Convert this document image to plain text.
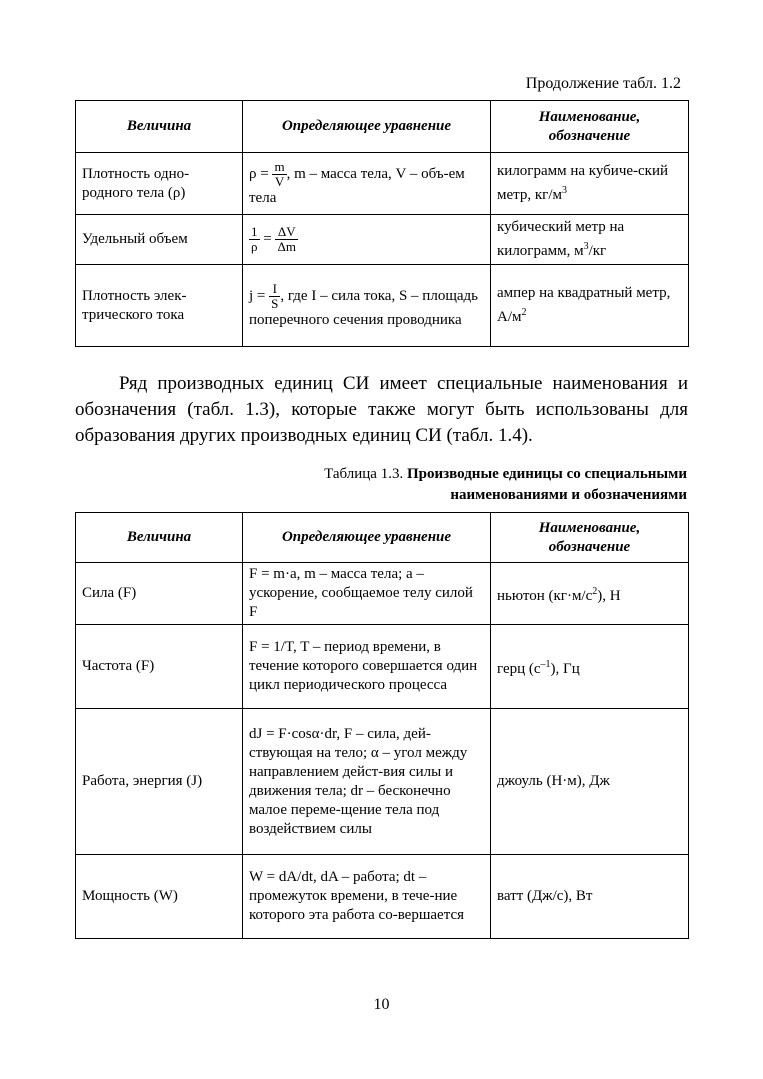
Продолжение табл. 1.2
Величина	Определяющее уравнение	Наименование, обозначение
Плотность одно-родного тела (ρ)	$\rho = \frac{m}{V}$ , m – масса тела, V – объ-ем тела	килограмм на кубиче-ский метр, $кг/м^3$
Удельный объем	$\frac{1}{\rho} = \frac{\Delta V}{\Delta m}$	кубический метр на килограмм, $м^3/кг$
Плотность элек-трического тока	$j = \frac{I}{S}$ , где I – сила тока, S – площадь поперечного сечения проводника	ампер на квадратный метр, $А/м^2$

Ряд производных единиц СИ имеет специальные наименования и обозначения (табл. 1.3), которые также могут быть использованы для образования других производных единиц СИ (табл. 1.4).

Таблица 1.3. Производные единицы со специальными
наименованиями и обозначениями
Величина	Определяющее уравнение	Наименование, обозначение
Сила (F)	F = m·a, m – масса тела; a – ускорение, сообщаемое телу силой F	ньютон $(кг\cdot м/с^2)$, Н
Частота (F)	F = 1/T, T – период времени, в течение которого совершается один цикл периодического процесса	герц $(с^{-1})$, Гц
Работа, энергия (J)	dJ = F·cosα·dr, F – сила, дей-ствующая на тело; α – угол между направлением дейст-вия силы и движения тела; dr – бесконечно малое переме-щение тела под воздействием силы	джоуль (Н·м), Дж
Мощность (W)	W = dA/dt, dA – работа; dt – промежуток времени, в тече-ние которого эта работа со-вершается	ватт (Дж/с), Вт
10
